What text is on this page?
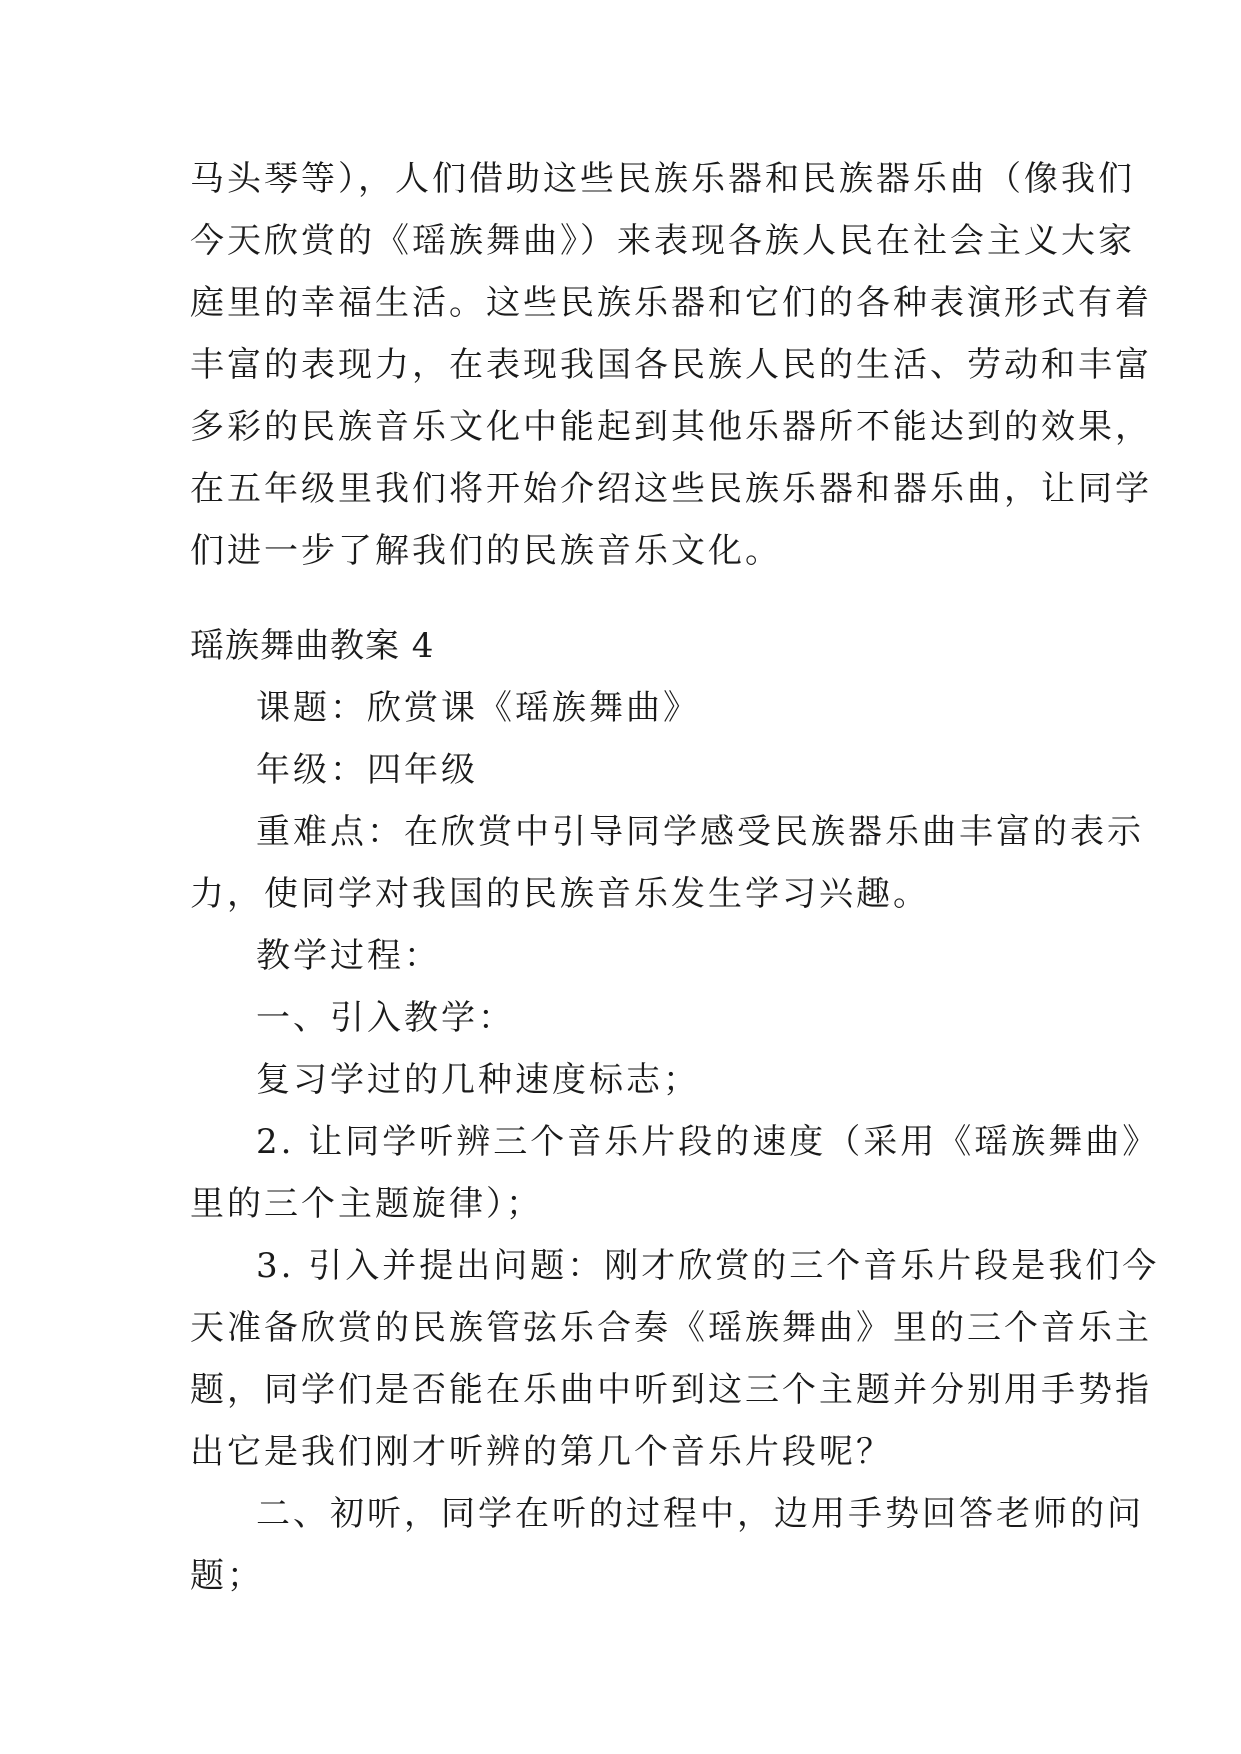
马头琴等），人们借助这些民族乐器和民族器乐曲（像我们
今天欣赏的《瑶族舞曲》）来表现各族人民在社会主义大家
庭里的幸福生活。这些民族乐器和它们的各种表演形式有着
丰富的表现力，在表现我国各民族人民的生活、劳动和丰富
多彩的民族音乐文化中能起到其他乐器所不能达到的效果，
在五年级里我们将开始介绍这些民族乐器和器乐曲，让同学
们进一步了解我们的民族音乐文化。
瑶族舞曲教案 4
课题：欣赏课《瑶族舞曲》
年级：四年级
重难点：在欣赏中引导同学感受民族器乐曲丰富的表示
力，使同学对我国的民族音乐发生学习兴趣。
教学过程：
一、引入教学：
复习学过的几种速度标志；
2. 让同学听辨三个音乐片段的速度（采用《瑶族舞曲》
里的三个主题旋律）；
3. 引入并提出问题：刚才欣赏的三个音乐片段是我们今
天准备欣赏的民族管弦乐合奏《瑶族舞曲》里的三个音乐主
题，同学们是否能在乐曲中听到这三个主题并分别用手势指
出它是我们刚才听辨的第几个音乐片段呢？
二、初听，同学在听的过程中，边用手势回答老师的问
题；
